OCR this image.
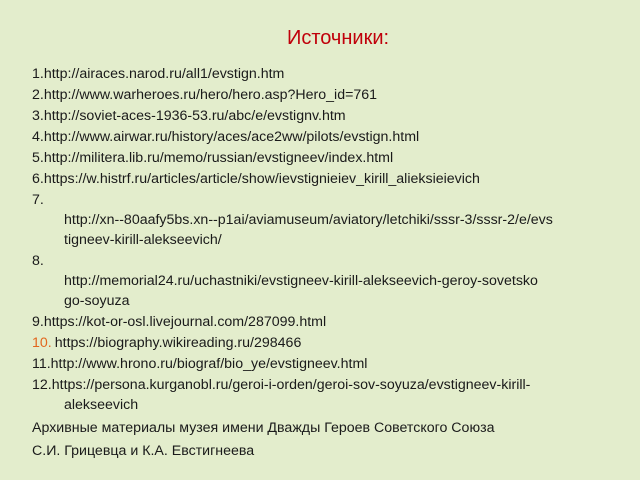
Источники:
1. http://airaces.narod.ru/all1/evstign.htm
2. http://www.warheroes.ru/hero/hero.asp?Hero_id=761
3. http://soviet-aces-1936-53.ru/abc/e/evstignv.htm
4. http://www.airwar.ru/history/aces/ace2ww/pilots/evstign.html
5. http://militera.lib.ru/memo/russian/evstigneev/index.html
6. https://w.histrf.ru/articles/article/show/ievstignieiev_kirill_alieksieievich
7.
http://xn--80aafy5bs.xn--p1ai/aviamuseum/aviatory/letchiki/sssr-3/sssr-2/e/evs
tigneev-kirill-alekseevich/
8.
http://memorial24.ru/uchastniki/evstigneev-kirill-alekseevich-geroy-sovetsko
go-soyuza
9. https://kot-or-osl.livejournal.com/287099.html
10. https://biography.wikireading.ru/298466
11. http://www.hrono.ru/biograf/bio_ye/evstigneev.html
12.https://persona.kurganobl.ru/geroi-i-orden/geroi-sov-soyuza/evstigneev-kirill-
alekseevich
Архивные материалы музея имени Дважды Героев Советского Союза
С.И. Грицевца и К.А. Евстигнеева
